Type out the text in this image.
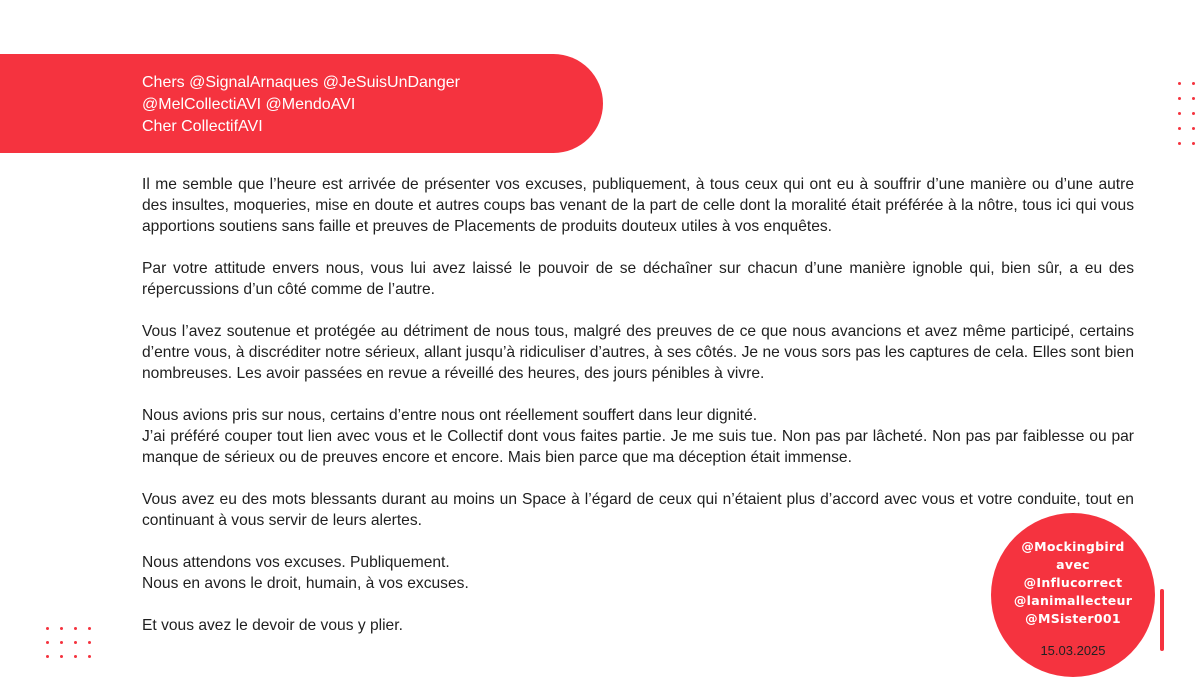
Chers @SignalArnaques @JeSuisUnDanger
@MelCollectiAVI @MendoAVI
Cher CollectifAVI

Il me semble que l’heure est arrivée de présenter vos excuses, publiquement, à tous ceux qui ont eu à souffrir d’une manière ou d’une autre des insultes, moqueries, mise en doute et autres coups bas venant de la part de celle dont la moralité était préférée à la nôtre, tous ici qui vous apportions soutiens sans faille et preuves de Placements de produits douteux utiles à vos enquêtes.

Par votre attitude envers nous, vous lui avez laissé le pouvoir de se déchaîner sur chacun d’une manière ignoble qui, bien sûr, a eu des répercussions d’un côté comme de l’autre.

Vous l’avez soutenue et protégée au détriment de nous tous, malgré des preuves de ce que nous avancions et avez même participé, certains d’entre vous, à discréditer notre sérieux, allant jusqu’à ridiculiser d’autres, à ses côtés. Je ne vous sors pas les captures de cela. Elles sont bien nombreuses. Les avoir passées en revue a réveillé des heures, des jours pénibles à vivre.

Nous avions pris sur nous, certains d’entre nous ont réellement souffert dans leur dignité.
J’ai préféré couper tout lien avec vous et le Collectif dont vous faites partie. Je me suis tue. Non pas par lâcheté. Non pas par faiblesse ou par manque de sérieux ou de preuves encore et encore. Mais bien parce que ma déception était immense.

Vous avez eu des mots blessants durant au moins un Space à l’égard de ceux qui n’étaient plus d’accord avec vous et votre conduite, tout en continuant à vous servir de leurs alertes.

Nous attendons vos excuses. Publiquement.
Nous en avons le droit, humain, à vos excuses.

Et vous avez le devoir de vous y plier.

@Mockingbird
avec
@Influcorrect
@lanimallecteur
@MSister001
15.03.2025
